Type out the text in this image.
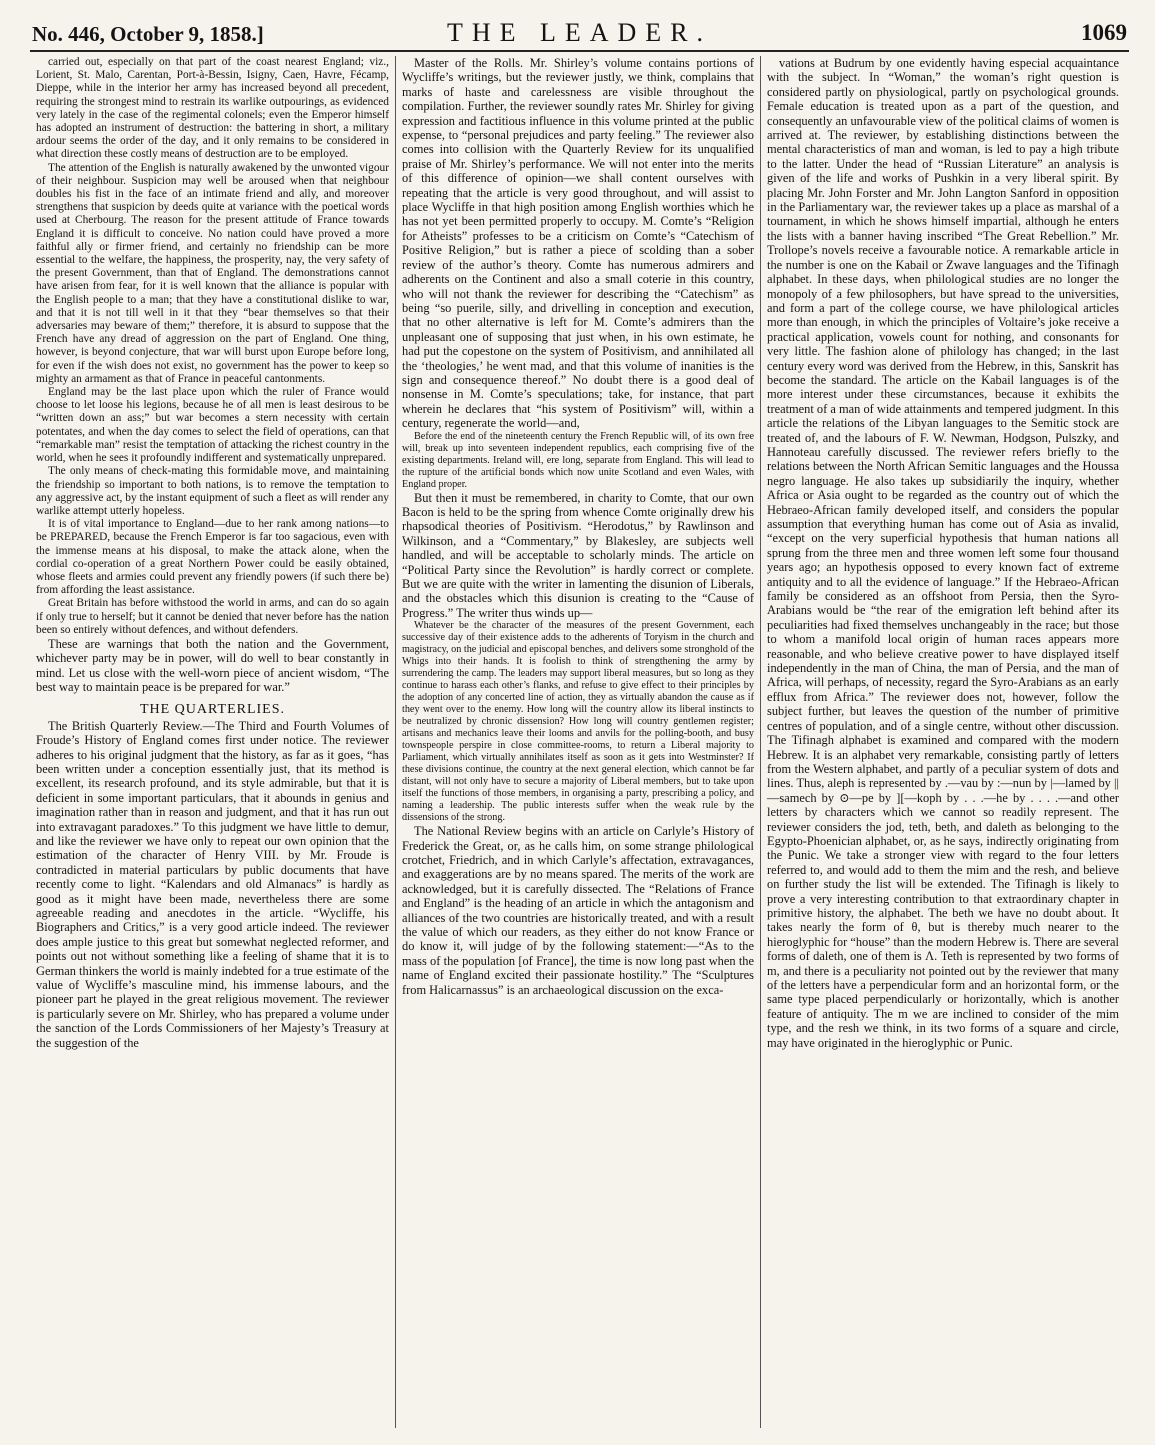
No. 446, October 9, 1858.]	THE LEADER.	1069

carried out, especially on that part of the coast nearest England; viz., Lorient, St. Malo, Carentan, Port-à-Bessin, Isigny, Caen, Havre, Fécamp, Dieppe, while in the interior her army has increased beyond all precedent, requiring the strongest mind to restrain its warlike outpourings, as evidenced very lately in the case of the regimental colonels; even the Emperor himself has adopted an instrument of destruction: the battering in short, a military ardour seems the order of the day, and it only remains to be considered in what direction these costly means of destruction are to be employed.

The attention of the English is naturally awakened by the unwonted vigour of their neighbour. Suspicion may well be aroused when that neighbour doubles his fist in the face of an intimate friend and ally, and moreover strengthens that suspicion by deeds quite at variance with the poetical words used at Cherbourg. The reason for the present attitude of France towards England it is difficult to conceive. No nation could have proved a more faithful ally or firmer friend, and certainly no friendship can be more essential to the welfare, the happiness, the prosperity, nay, the very safety of the present Government, than that of England. The demonstrations cannot have arisen from fear, for it is well known that the alliance is popular with the English people to a man; that they have a constitutional dislike to war, and that it is not till well in it that they “bear themselves so that their adversaries may beware of them;” therefore, it is absurd to suppose that the French have any dread of aggression on the part of England. One thing, however, is beyond conjecture, that war will burst upon Europe before long, for even if the wish does not exist, no government has the power to keep so mighty an armament as that of France in peaceful cantonments.

England may be the last place upon which the ruler of France would choose to let loose his legions, because he of all men is least desirous to be “written down an ass;” but war becomes a stern necessity with certain potentates, and when the day comes to select the field of operations, can that “remarkable man” resist the temptation of attacking the richest country in the world, when he sees it profoundly indifferent and systematically unprepared.

The only means of check-mating this formidable move, and maintaining the friendship so important to both nations, is to remove the temptation to any aggressive act, by the instant equipment of such a fleet as will render any warlike attempt utterly hopeless.

It is of vital importance to England—due to her rank among nations—to be PREPARED, because the French Emperor is far too sagacious, even with the immense means at his disposal, to make the attack alone, when the cordial co-operation of a great Northern Power could be easily obtained, whose fleets and armies could prevent any friendly powers (if such there be) from affording the least assistance.

Great Britain has before withstood the world in arms, and can do so again if only true to herself; but it cannot be denied that never before has the nation been so entirely without defences, and without defenders.

These are warnings that both the nation and the Government, whichever party may be in power, will do well to bear constantly in mind. Let us close with the well-worn piece of ancient wisdom, “The best way to maintain peace is be prepared for war.”

THE QUARTERLIES.

The British Quarterly Review.—The Third and Fourth Volumes of Froude’s History of England comes first under notice. The reviewer adheres to his original judgment that the history, as far as it goes, “has been written under a conception essentially just, that its method is excellent, its research profound, and its style admirable, but that it is deficient in some important particulars, that it abounds in genius and imagination rather than in reason and judgment, and that it has run out into extravagant paradoxes.” To this judgment we have little to demur, and like the reviewer we have only to repeat our own opinion that the estimation of the character of Henry VIII. by Mr. Froude is contradicted in material particulars by public documents that have recently come to light. “Kalendars and old Almanacs” is hardly as good as it might have been made, nevertheless there are some agreeable reading and anecdotes in the article. “Wycliffe, his Biographers and Critics,” is a very good article indeed. The reviewer does ample justice to this great but somewhat neglected reformer, and points out not without something like a feeling of shame that it is to German thinkers the world is mainly indebted for a true estimate of the value of Wycliffe’s masculine mind, his immense labours, and the pioneer part he played in the great religious movement. The reviewer is particularly severe on Mr. Shirley, who has prepared a volume under the sanction of the Lords Commissioners of her Majesty’s Treasury at the suggestion of the

Master of the Rolls. Mr. Shirley’s volume contains portions of Wycliffe’s writings, but the reviewer justly, we think, complains that marks of haste and carelessness are visible throughout the compilation. Further, the reviewer soundly rates Mr. Shirley for giving expression and factitious influence in this volume printed at the public expense, to “personal prejudices and party feeling.” The reviewer also comes into collision with the Quarterly Review for its unqualified praise of Mr. Shirley’s performance. We will not enter into the merits of this difference of opinion—we shall content ourselves with repeating that the article is very good throughout, and will assist to place Wycliffe in that high position among English worthies which he has not yet been permitted properly to occupy. M. Comte’s “Religion for Atheists” professes to be a criticism on Comte’s “Catechism of Positive Religion,” but is rather a piece of scolding than a sober review of the author’s theory. Comte has numerous admirers and adherents on the Continent and also a small coterie in this country, who will not thank the reviewer for describing the “Catechism” as being “so puerile, silly, and drivelling in conception and execution, that no other alternative is left for M. Comte’s admirers than the unpleasant one of supposing that just when, in his own estimate, he had put the copestone on the system of Positivism, and annihilated all the ‘theologies,’ he went mad, and that this volume of inanities is the sign and consequence thereof.” No doubt there is a good deal of nonsense in M. Comte’s speculations; take, for instance, that part wherein he declares that “his system of Positivism” will, within a century, regenerate the world—and,

Before the end of the nineteenth century the French Republic will, of its own free will, break up into seventeen independent republics, each comprising five of the existing departments. Ireland will, ere long, separate from England. This will lead to the rupture of the artificial bonds which now unite Scotland and even Wales, with England proper.

But then it must be remembered, in charity to Comte, that our own Bacon is held to be the spring from whence Comte originally drew his rhapsodical theories of Positivism. “Herodotus,” by Rawlinson and Wilkinson, and a “Commentary,” by Blakesley, are subjects well handled, and will be acceptable to scholarly minds. The article on “Political Party since the Revolution” is hardly correct or complete. But we are quite with the writer in lamenting the disunion of Liberals, and the obstacles which this disunion is creating to the “Cause of Progress.” The writer thus winds up—

Whatever be the character of the measures of the present Government, each successive day of their existence adds to the adherents of Toryism in the church and magistracy, on the judicial and episcopal benches, and delivers some stronghold of the Whigs into their hands. It is foolish to think of strengthening the army by surrendering the camp. The leaders may support liberal measures, but so long as they continue to harass each other’s flanks, and refuse to give effect to their principles by the adoption of any concerted line of action, they as virtually abandon the cause as if they went over to the enemy. How long will the country allow its liberal instincts to be neutralized by chronic dissension? How long will country gentlemen register; artisans and mechanics leave their looms and anvils for the polling-booth, and busy townspeople perspire in close committee-rooms, to return a Liberal majority to Parliament, which virtually annihilates itself as soon as it gets into Westminster? If these divisions continue, the country at the next general election, which cannot be far distant, will not only have to secure a majority of Liberal members, but to take upon itself the functions of those members, in organising a party, prescribing a policy, and naming a leadership. The public interests suffer when the weak rule by the dissensions of the strong.

The National Review begins with an article on Carlyle’s History of Frederick the Great, or, as he calls him, on some strange philological crotchet, Friedrich, and in which Carlyle’s affectation, extravagances, and exaggerations are by no means spared. The merits of the work are acknowledged, but it is carefully dissected. The “Relations of France and England” is the heading of an article in which the antagonism and alliances of the two countries are historically treated, and with a result the value of which our readers, as they either do not know France or do know it, will judge of by the following statement:—“As to the mass of the population [of France], the time is now long past when the name of England excited their passionate hostility.” The “Sculptures from Halicarnassus” is an archaeological discussion on the exca-

vations at Budrum by one evidently having especial acquaintance with the subject. In “Woman,” the woman’s right question is considered partly on physiological, partly on psychological grounds. Female education is treated upon as a part of the question, and consequently an unfavourable view of the political claims of women is arrived at. The reviewer, by establishing distinctions between the mental characteristics of man and woman, is led to pay a high tribute to the latter. Under the head of “Russian Literature” an analysis is given of the life and works of Pushkin in a very liberal spirit. By placing Mr. John Forster and Mr. John Langton Sanford in opposition in the Parliamentary war, the reviewer takes up a place as marshal of a tournament, in which he shows himself impartial, although he enters the lists with a banner having inscribed “The Great Rebellion.” Mr. Trollope’s novels receive a favourable notice. A remarkable article in the number is one on the Kabail or Zwave languages and the Tifinagh alphabet. In these days, when philological studies are no longer the monopoly of a few philosophers, but have spread to the universities, and form a part of the college course, we have philological articles more than enough, in which the principles of Voltaire’s joke receive a practical application, vowels count for nothing, and consonants for very little. The fashion alone of philology has changed; in the last century every word was derived from the Hebrew, in this, Sanskrit has become the standard. The article on the Kabail languages is of the more interest under these circumstances, because it exhibits the treatment of a man of wide attainments and tempered judgment. In this article the relations of the Libyan languages to the Semitic stock are treated of, and the labours of F. W. Newman, Hodgson, Pulszky, and Hannoteau carefully discussed. The reviewer refers briefly to the relations between the North African Semitic languages and the Houssa negro language. He also takes up subsidiarily the inquiry, whether Africa or Asia ought to be regarded as the country out of which the Hebraeo-African family developed itself, and considers the popular assumption that everything human has come out of Asia as invalid, “except on the very superficial hypothesis that human nations all sprung from the three men and three women left some four thousand years ago; an hypothesis opposed to every known fact of extreme antiquity and to all the evidence of language.” If the Hebraeo-African family be considered as an offshoot from Persia, then the Syro-Arabians would be “the rear of the emigration left behind after its peculiarities had fixed themselves unchangeably in the race; but those to whom a manifold local origin of human races appears more reasonable, and who believe creative power to have displayed itself independently in the man of China, the man of Persia, and the man of Africa, will perhaps, of necessity, regard the Syro-Arabians as an early efflux from Africa.” The reviewer does not, however, follow the subject further, but leaves the question of the number of primitive centres of population, and of a single centre, without other discussion. The Tifinagh alphabet is examined and compared with the modern Hebrew. It is an alphabet very remarkable, consisting partly of letters from the Western alphabet, and partly of a peculiar system of dots and lines. Thus, aleph is represented by .—vau by :—nun by |—lamed by ||—samech by ⊙—pe by ][—koph by . . .—he by . . . .—and other letters by characters which we cannot so readily represent. The reviewer considers the jod, teth, beth, and daleth as belonging to the Egypto-Phoenician alphabet, or, as he says, indirectly originating from the Punic. We take a stronger view with regard to the four letters referred to, and would add to them the mim and the resh, and believe on further study the list will be extended. The Tifinagh is likely to prove a very interesting contribution to that extraordinary chapter in primitive history, the alphabet. The beth we have no doubt about. It takes nearly the form of θ, but is thereby much nearer to the hieroglyphic for “house” than the modern Hebrew is. There are several forms of daleth, one of them is Λ. Teth is represented by two forms of m, and there is a peculiarity not pointed out by the reviewer that many of the letters have a perpendicular form and an horizontal form, or the same type placed perpendicularly or horizontally, which is another feature of antiquity. The m we are inclined to consider of the mim type, and the resh we think, in its two forms of a square and circle, may have originated in the hieroglyphic or Punic.
